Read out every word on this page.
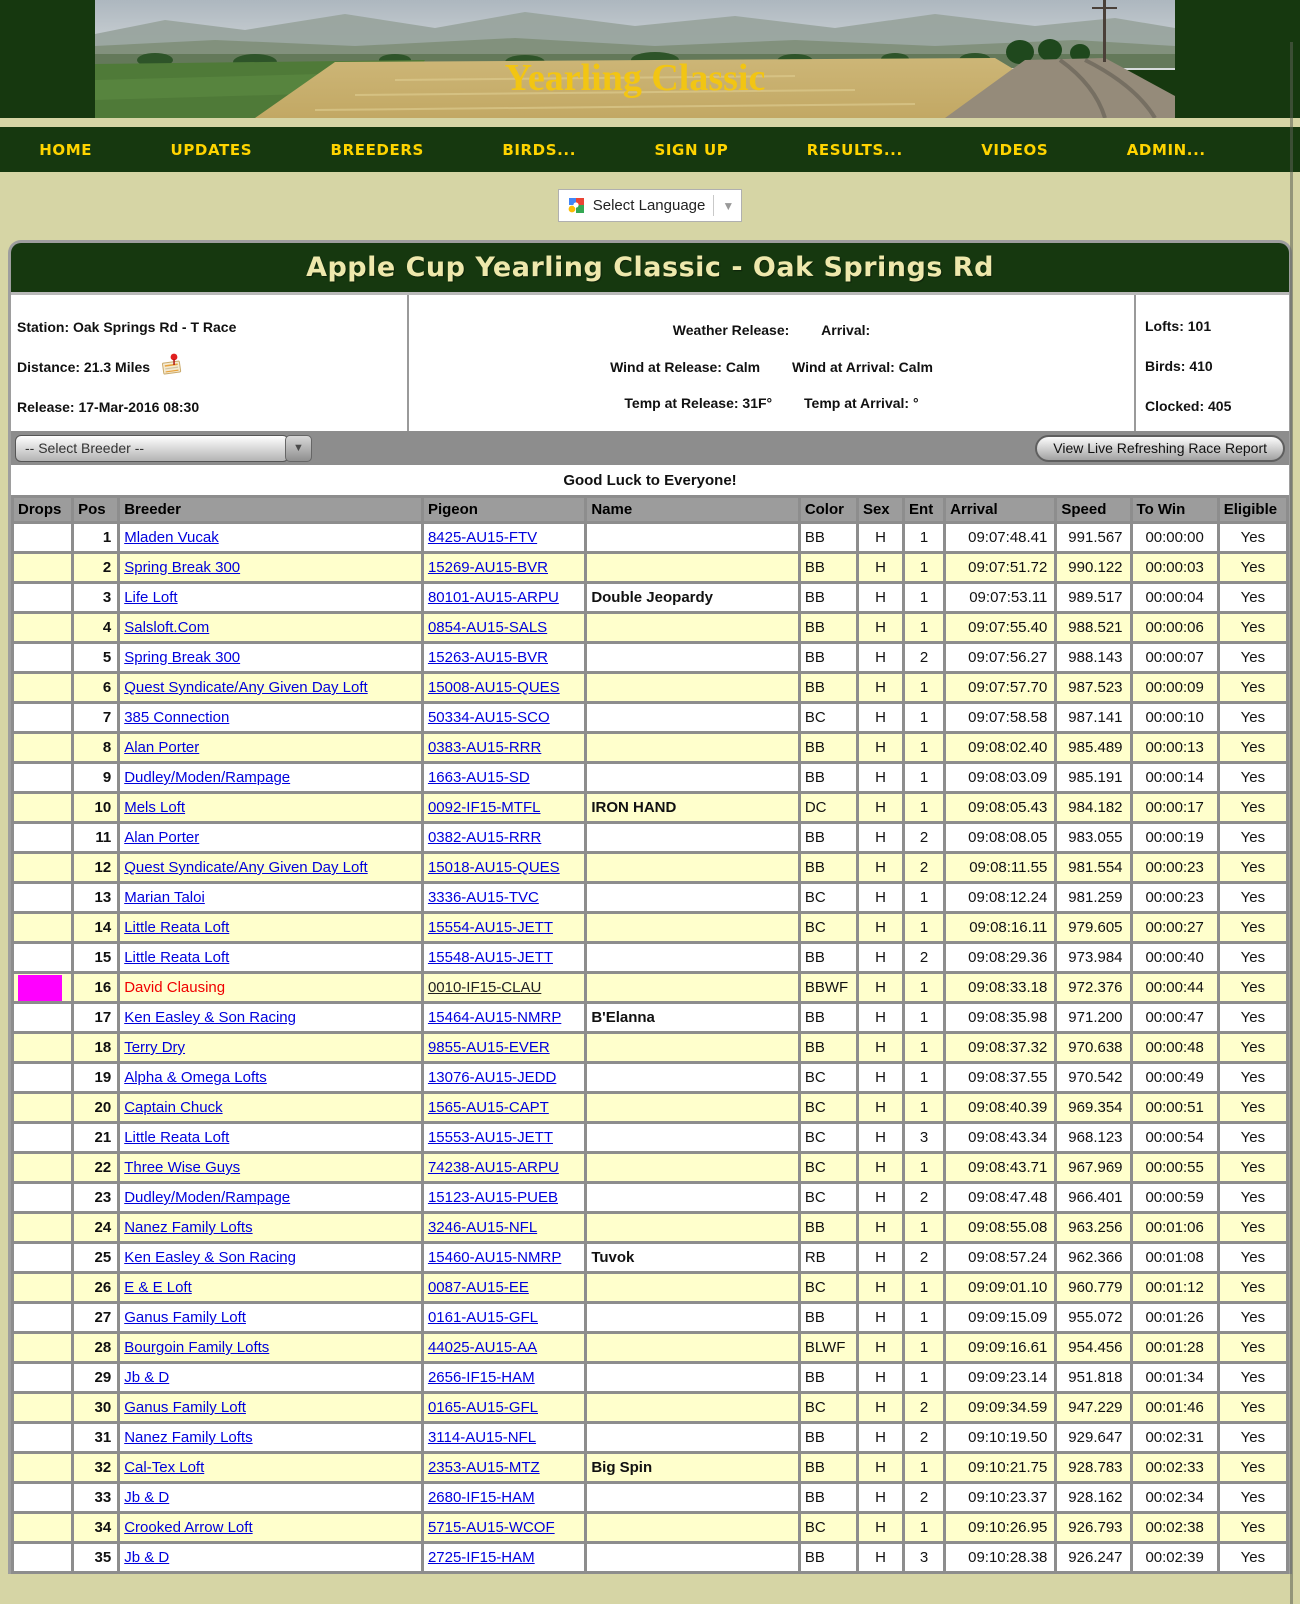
Yearling Classic
HOME	UPDATES	BREEDERS	BIRDS...	SIGN UP	RESULTS...	VIDEOS	ADMIN...
Select Language ▼
Apple Cup Yearling Classic - Oak Springs Rd
Station: Oak Springs Rd - T Race
Distance: 21.3 Miles
Release: 17-Mar-2016 08:30
Weather Release: Arrival:
Wind at Release: Calm Wind at Arrival: Calm
Temp at Release: 31F° Temp at Arrival: °
Lofts: 101
Birds: 410
Clocked: 405
-- Select Breeder --	▼	View Live Refreshing Race Report
Good Luck to Everyone!
Drops	Pos	Breeder	Pigeon	Name	Color	Sex	Ent	Arrival	Speed	To Win	Eligible
	1	Mladen Vucak	8425-AU15-FTV		BB	H	1	09:07:48.41	991.567	00:00:00	Yes
	2	Spring Break 300	15269-AU15-BVR		BB	H	1	09:07:51.72	990.122	00:00:03	Yes
	3	Life Loft	80101-AU15-ARPU	Double Jeopardy	BB	H	1	09:07:53.11	989.517	00:00:04	Yes
	4	Salsloft.Com	0854-AU15-SALS		BB	H	1	09:07:55.40	988.521	00:00:06	Yes
	5	Spring Break 300	15263-AU15-BVR		BB	H	2	09:07:56.27	988.143	00:00:07	Yes
	6	Quest Syndicate/Any Given Day Loft	15008-AU15-QUES		BB	H	1	09:07:57.70	987.523	00:00:09	Yes
	7	385 Connection	50334-AU15-SCO		BC	H	1	09:07:58.58	987.141	00:00:10	Yes
	8	Alan Porter	0383-AU15-RRR		BB	H	1	09:08:02.40	985.489	00:00:13	Yes
	9	Dudley/Moden/Rampage	1663-AU15-SD		BB	H	1	09:08:03.09	985.191	00:00:14	Yes
	10	Mels Loft	0092-IF15-MTFL	IRON HAND	DC	H	1	09:08:05.43	984.182	00:00:17	Yes
	11	Alan Porter	0382-AU15-RRR		BB	H	2	09:08:08.05	983.055	00:00:19	Yes
	12	Quest Syndicate/Any Given Day Loft	15018-AU15-QUES		BB	H	2	09:08:11.55	981.554	00:00:23	Yes
	13	Marian Taloi	3336-AU15-TVC		BC	H	1	09:08:12.24	981.259	00:00:23	Yes
	14	Little Reata Loft	15554-AU15-JETT		BC	H	1	09:08:16.11	979.605	00:00:27	Yes
	15	Little Reata Loft	15548-AU15-JETT		BB	H	2	09:08:29.36	973.984	00:00:40	Yes

	16	David Clausing	0010-IF15-CLAU		BBWF	H	1	09:08:33.18	972.376	00:00:44	Yes
	17	Ken Easley & Son Racing	15464-AU15-NMRP	B'Elanna	BB	H	1	09:08:35.98	971.200	00:00:47	Yes
	18	Terry Dry	9855-AU15-EVER		BB	H	1	09:08:37.32	970.638	00:00:48	Yes
	19	Alpha & Omega Lofts	13076-AU15-JEDD		BC	H	1	09:08:37.55	970.542	00:00:49	Yes
	20	Captain Chuck	1565-AU15-CAPT		BC	H	1	09:08:40.39	969.354	00:00:51	Yes
	21	Little Reata Loft	15553-AU15-JETT		BC	H	3	09:08:43.34	968.123	00:00:54	Yes
	22	Three Wise Guys	74238-AU15-ARPU		BC	H	1	09:08:43.71	967.969	00:00:55	Yes
	23	Dudley/Moden/Rampage	15123-AU15-PUEB		BC	H	2	09:08:47.48	966.401	00:00:59	Yes
	24	Nanez Family Lofts	3246-AU15-NFL		BB	H	1	09:08:55.08	963.256	00:01:06	Yes
	25	Ken Easley & Son Racing	15460-AU15-NMRP	Tuvok	RB	H	2	09:08:57.24	962.366	00:01:08	Yes
	26	E & E Loft	0087-AU15-EE		BC	H	1	09:09:01.10	960.779	00:01:12	Yes
	27	Ganus Family Loft	0161-AU15-GFL		BB	H	1	09:09:15.09	955.072	00:01:26	Yes
	28	Bourgoin Family Lofts	44025-AU15-AA		BLWF	H	1	09:09:16.61	954.456	00:01:28	Yes
	29	Jb & D	2656-IF15-HAM		BB	H	1	09:09:23.14	951.818	00:01:34	Yes
	30	Ganus Family Loft	0165-AU15-GFL		BC	H	2	09:09:34.59	947.229	00:01:46	Yes
	31	Nanez Family Lofts	3114-AU15-NFL		BB	H	2	09:10:19.50	929.647	00:02:31	Yes
	32	Cal-Tex Loft	2353-AU15-MTZ	Big Spin	BB	H	1	09:10:21.75	928.783	00:02:33	Yes
	33	Jb & D	2680-IF15-HAM		BB	H	2	09:10:23.37	928.162	00:02:34	Yes
	34	Crooked Arrow Loft	5715-AU15-WCOF		BC	H	1	09:10:26.95	926.793	00:02:38	Yes
	35	Jb & D	2725-IF15-HAM		BB	H	3	09:10:28.38	926.247	00:02:39	Yes
